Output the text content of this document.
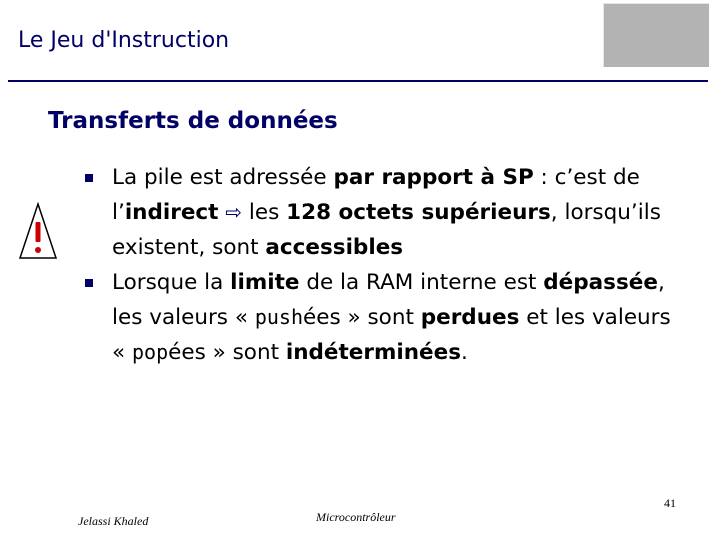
Le Jeu d'Instruction
Transferts de données
La pile est adressée par rapport à SP : c’est de l’indirect ⇨ les 128 octets supérieurs, lorsqu’ils existent, sont accessibles
Lorsque la limite de la RAM interne est dépassée, les valeurs « pushées » sont perdues et les valeurs « popées » sont indéterminées.
Jelassi Khaled	Microcontrôleur
41
